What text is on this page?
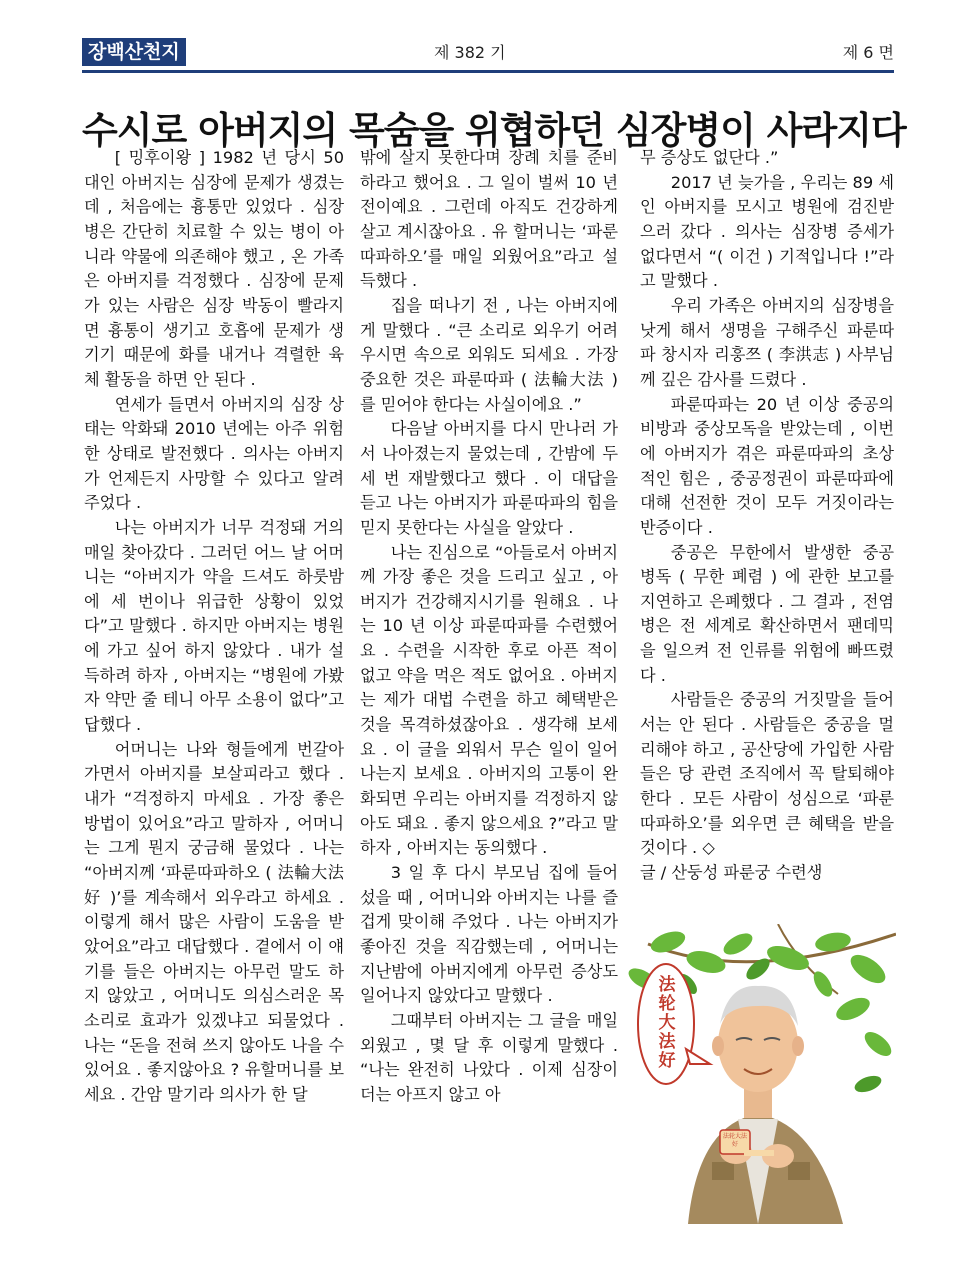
장백산천지	제 382 기	제 6 면
수시로 아버지의 목숨을 위협하던 심장병이 사라지다

[ 밍후이왕 ] 1982 년 당시 50 대인 아버지는 심장에 문제가 생겼는데 , 처음에는 흉통만 있었다 . 심장병은 간단히 치료할 수 있는 병이 아니라 약물에 의존해야 했고 , 온 가족은 아버지를 걱정했다 . 심장에 문제가 있는 사람은 심장 박동이 빨라지면 흉통이 생기고 호흡에 문제가 생기기 때문에 화를 내거나 격렬한 육체 활동을 하면 안 된다 .

연세가 들면서 아버지의 심장 상태는 악화돼 2010 년에는 아주 위험한 상태로 발전했다 . 의사는 아버지가 언제든지 사망할 수 있다고 알려주었다 .

나는 아버지가 너무 걱정돼 거의 매일 찾아갔다 . 그러던 어느 날 어머니는 “아버지가 약을 드셔도 하룻밤에 세 번이나 위급한 상황이 있었다”고 말했다 . 하지만 아버지는 병원에 가고 싶어 하지 않았다 . 내가 설득하려 하자 , 아버지는 “병원에 가봤자 약만 줄 테니 아무 소용이 없다”고 답했다 .

어머니는 나와 형들에게 번갈아 가면서 아버지를 보살피라고 했다 . 내가 “걱정하지 마세요 . 가장 좋은 방법이 있어요”라고 말하자 , 어머니는 그게 뭔지 궁금해 물었다 . 나는 “아버지께 ‘파룬따파하오 ( 法輪大法好 )’를 계속해서 외우라고 하세요 . 이렇게 해서 많은 사람이 도움을 받았어요”라고 대답했다 . 곁에서 이 얘기를 들은 아버지는 아무런 말도 하지 않았고 , 어머니도 의심스러운 목소리로 효과가 있겠냐고 되물었다 . 나는 “돈을 전혀 쓰지 않아도 나을 수 있어요 . 좋지않아요 ? 유할머니를 보세요 . 간암 말기라 의사가 한 달

밖에 살지 못한다며 장례 치를 준비하라고 했어요 . 그 일이 벌써 10 년 전이예요 . 그런데 아직도 건강하게 살고 계시잖아요 . 유 할머니는 ‘파룬따파하오’를 매일 외웠어요”라고 설득했다 .

집을 떠나기 전 , 나는 아버지에게 말했다 . “큰 소리로 외우기 어려우시면 속으로 외워도 되세요 . 가장 중요한 것은 파룬따파 ( 法輪大法 ) 를 믿어야 한다는 사실이에요 .”

다음날 아버지를 다시 만나러 가서 나아졌는지 물었는데 , 간밤에 두세 번 재발했다고 했다 . 이 대답을 듣고 나는 아버지가 파룬따파의 힘을 믿지 못한다는 사실을 알았다 .

나는 진심으로 “아들로서 아버지께 가장 좋은 것을 드리고 싶고 , 아버지가 건강해지시기를 원해요 . 나는 10 년 이상 파룬따파를 수련했어요 . 수련을 시작한 후로 아픈 적이 없고 약을 먹은 적도 없어요 . 아버지는 제가 대법 수련을 하고 혜택받은 것을 목격하셨잖아요 . 생각해 보세요 . 이 글을 외워서 무슨 일이 일어나는지 보세요 . 아버지의 고통이 완화되면 우리는 아버지를 걱정하지 않아도 돼요 . 좋지 않으세요 ?”라고 말하자 , 아버지는 동의했다 .

3 일 후 다시 부모님 집에 들어섰을 때 , 어머니와 아버지는 나를 즐겁게 맞이해 주었다 . 나는 아버지가 좋아진 것을 직감했는데 , 어머니는 지난밤에 아버지에게 아무런 증상도 일어나지 않았다고 말했다 .

그때부터 아버지는 그 글을 매일 외웠고 , 몇 달 후 이렇게 말했다 . “나는 완전히 나았다 . 이제 심장이 더는 아프지 않고 아

무 증상도 없단다 .”

2017 년 늦가을 , 우리는 89 세인 아버지를 모시고 병원에 검진받으러 갔다 . 의사는 심장병 증세가 없다면서 “( 이건 ) 기적입니다 !”라고 말했다 .

우리 가족은 아버지의 심장병을 낫게 해서 생명을 구해주신 파룬따파 창시자 리훙쯔 ( 李洪志 ) 사부님께 깊은 감사를 드렸다 .

파룬따파는 20 년 이상 중공의 비방과 중상모독을 받았는데 , 이번에 아버지가 겪은 파룬따파의 초상적인 힘은 , 중공정권이 파룬따파에 대해 선전한 것이 모두 거짓이라는 반증이다 .

중공은 무한에서 발생한 중공 병독 ( 무한 폐렴 ) 에 관한 보고를 지연하고 은폐했다 . 그 결과 , 전염병은 전 세계로 확산하면서 팬데믹을 일으켜 전 인류를 위험에 빠뜨렸다 .

사람들은 중공의 거짓말을 들어서는 안 된다 . 사람들은 중공을 멀리해야 하고 , 공산당에 가입한 사람들은 당 관련 조직에서 꼭 탈퇴해야 한다 . 모든 사람이 성심으로 ‘파룬따파하오’를 외우면 큰 혜택을 받을 것이다 . ◇

글 / 산둥성 파룬궁 수련생

法轮大法好
法轮大法好
